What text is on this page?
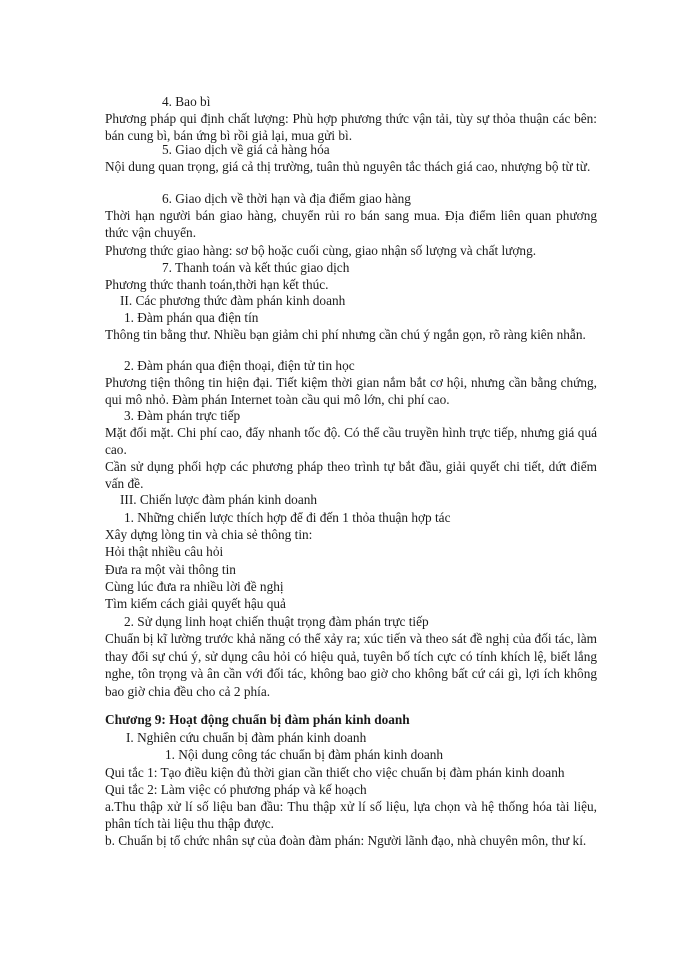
4. Bao bì
Phương pháp qui định chất lượng: Phù hợp phương thức vận tải, tùy sự thỏa thuận các bên: bán cung bì, bán ứng bì rồi giả lại, mua gửi bì.
5. Giao dịch về giá cả hàng hóa
Nội dung quan trọng, giá cả thị trường, tuân thủ nguyên tắc thách giá cao, nhượng bộ từ từ.
6. Giao dịch về thời hạn và địa điểm giao hàng
Thời hạn người bán giao hàng, chuyển rủi ro bán sang mua. Địa điểm liên quan phương thức vận chuyển.
Phương thức giao hàng: sơ bộ hoặc cuối cùng, giao nhận số lượng và chất lượng.
7. Thanh toán và kết thúc giao dịch
Phương thức thanh toán,thời hạn kết thúc.
II. Các phương thức đàm phán kinh doanh
1. Đàm phán qua điện tín
Thông tin bằng thư. Nhiều bạn giảm chi phí nhưng cần chú ý ngắn gọn, rõ ràng kiên nhẫn.
2. Đàm phán qua điện thoại, điện tử tin học
Phương tiện thông tin hiện đại. Tiết kiệm thời gian nắm bắt cơ hội, nhưng cần bằng chứng, qui mô nhỏ. Đàm phán Internet toàn cầu qui mô lớn, chi phí cao.
3. Đàm phán trực tiếp
Mặt đối mặt. Chi phí cao, đẩy nhanh tốc độ. Có thể cầu truyền hình trực tiếp, nhưng giá quá cao.
Cần sử dụng phối hợp các phương pháp theo trình tự bắt đầu, giải quyết chi tiết, dứt điểm vấn đề.
III. Chiến lược đàm phán kinh doanh
1. Những chiến lược thích hợp để đi đến 1 thỏa thuận hợp tác
Xây dựng lòng tin và chia sẻ thông tin:
Hỏi thật nhiều câu hỏi
Đưa ra một vài thông tin
Cùng lúc đưa ra nhiều lời đề nghị
Tìm kiếm cách giải quyết hậu quả
2. Sử dụng linh hoạt chiến thuật trọng đàm phán trực tiếp
Chuẩn bị kĩ lường trước khả năng có thể xảy ra; xúc tiến và theo sát đề nghị của đối tác, làm thay đổi sự chú ý, sử dụng câu hỏi có hiệu quả, tuyên bố tích cực có tính khích lệ, biết lắng nghe, tôn trọng và ân cần với đối tác, không bao giờ cho không bất cứ cái gì, lợi ích không bao giờ chia đều cho cả 2 phía.
Chương 9: Hoạt động chuẩn bị đàm phán kinh doanh
I. Nghiên cứu chuẩn bị đàm phán kinh doanh
1. Nội dung công tác chuẩn bị đàm phán kinh doanh
Qui tắc 1: Tạo điều kiện đủ thời gian cần thiết cho việc chuẩn bị đàm phán kinh doanh
Qui tắc 2: Làm việc có phương pháp và kế hoạch
a.Thu thập xử lí số liệu ban đầu: Thu thập xử lí số liệu, lựa chọn và hệ thống hóa tài liệu, phân tích tài liệu thu thập được.
b. Chuẩn bị tổ chức nhân sự của đoàn đàm phán: Người lãnh đạo, nhà chuyên môn, thư kí.
